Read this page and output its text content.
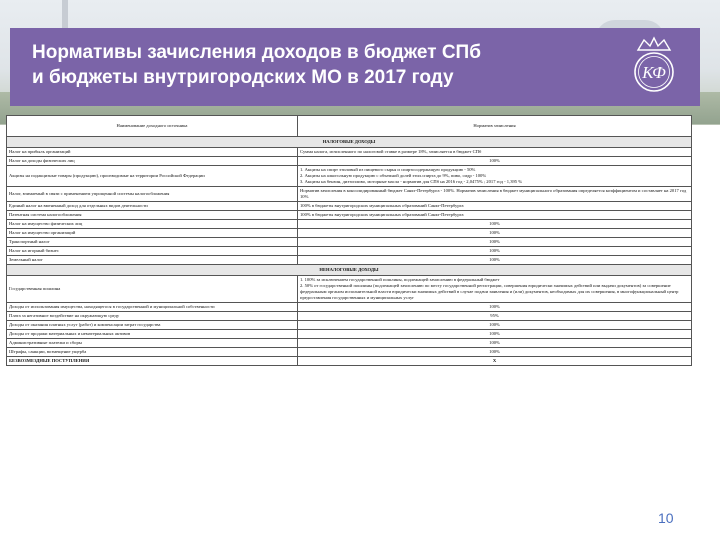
Нормативы зачисления доходов в бюджет СПб
и бюджеты внутригородских МО в 2017 году	КФ
Наименование доходного источника	Норматив зачисления
НАЛОГОВЫЕ ДОХОДЫ	
Налог на прибыль организаций	Сумма налога, исчисленного по налоговой ставке в размере 18%, зачисляется в бюджет СПб
Налог на доходы физических лиц	100%
Акцизы на подакцизные товары (продукцию), производимые на территории Российской Федерации	1. Акцизы на спирт этиловый из пищевого сырья и спиртосодержащую продукцию - 50%
2. Акцизы на алкогольную продукцию с объемной долей этил.спирта до 9%, пиво, сидр - 100%
3. Акцизы на бензин, дизтопливо, моторные масла - норматив для СПб на 2016 год - 2,0475% ; 2017 год - 1,395 %
Налог, взимаемый в связи с применением упрощенной системы налогообложения	Норматив зачисления в консолидированный бюджет Санкт-Петербурга - 100%. Норматив зачисления в бюджет муниципального образования определяется коэффициентом и составляет на 2017 год 10%
Единый налог на вмененный доход для отдельных видов деятельности	100% в бюджеты внутригородских муниципальных образований Санкт-Петербурга
Патентная система налогообложения	100% в бюджеты внутригородских муниципальных образований Санкт-Петербурга
Налог на имущество физических лиц	100%
Налог на имущество организаций	100%
Транспортный налог	100%
Налог на игорный бизнес	100%
Земельный налог	100%
НЕНАЛОГОВЫЕ ДОХОДЫ	
Государственная пошлина	1. 100% за исключением государственной пошлины, подлежащей зачислению в федеральный бюджет
2. 50% от государственной пошлины (подлежащей зачислению по месту государственной регистрации, совершения юридически значимых действий или выдачи документов) за совершение федеральным органом исполнительной власти юридически значимых действий в случае подачи заявления и (или) документов, необходимых для их совершения, в многофункциональный центр предоставления государственных и муниципальных услуг
Доходы от использования имущества, находящегося в государственной и муниципальной собственности	100%
Плата за негативное воздействие на окружающую среду	95%
Доходы от оказания платных услуг (работ) и компенсации затрат государства	100%
Доходы от продажи материальных и нематериальных активов	100%
Административные платежи и сборы	100%
Штрафы, санкции, возмещение ущерба	100%
БЕЗВОЗМЕЗДНЫЕ ПОСТУПЛЕНИЯ	X
10
